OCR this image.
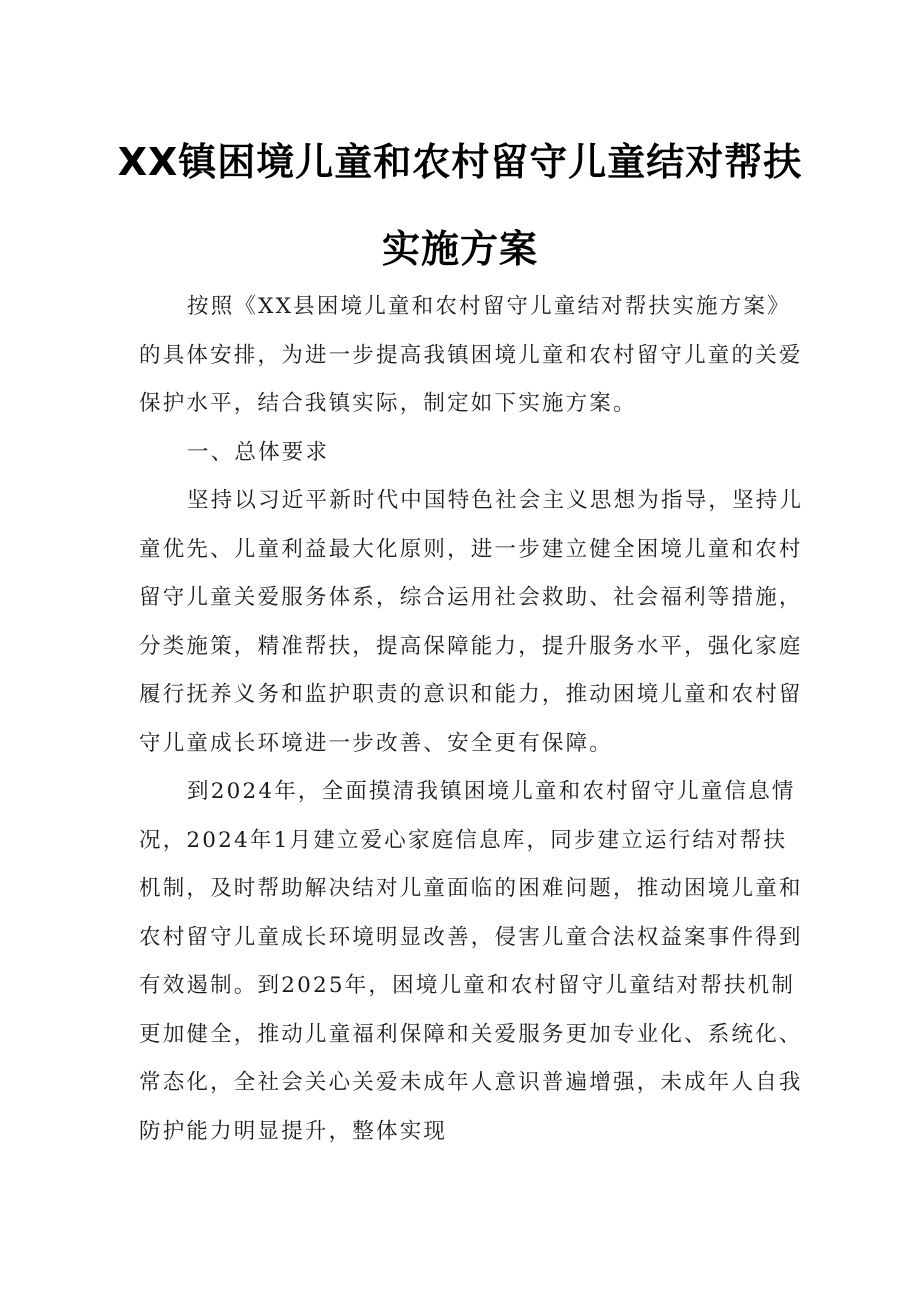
XX镇困境儿童和农村留守儿童结对帮扶
实施方案
按照《XX县困境儿童和农村留守儿童结对帮扶实施方案》
的具体安排，为进一步提高我镇困境儿童和农村留守儿童的关爱
保护水平，结合我镇实际，制定如下实施方案。
一、总体要求
坚持以习近平新时代中国特色社会主义思想为指导，坚持儿
童优先、儿童利益最大化原则，进一步建立健全困境儿童和农村
留守儿童关爱服务体系，综合运用社会救助、社会福利等措施，
分类施策，精准帮扶，提高保障能力，提升服务水平，强化家庭
履行抚养义务和监护职责的意识和能力，推动困境儿童和农村留
守儿童成长环境进一步改善、安全更有保障。
到2024年，全面摸清我镇困境儿童和农村留守儿童信息情
况，2024年1月建立爱心家庭信息库，同步建立运行结对帮扶
机制，及时帮助解决结对儿童面临的困难问题，推动困境儿童和
农村留守儿童成长环境明显改善，侵害儿童合法权益案事件得到
有效遏制。到2025年，困境儿童和农村留守儿童结对帮扶机制
更加健全，推动儿童福利保障和关爱服务更加专业化、系统化、
常态化，全社会关心关爱未成年人意识普遍增强，未成年人自我
防护能力明显提升，整体实现
